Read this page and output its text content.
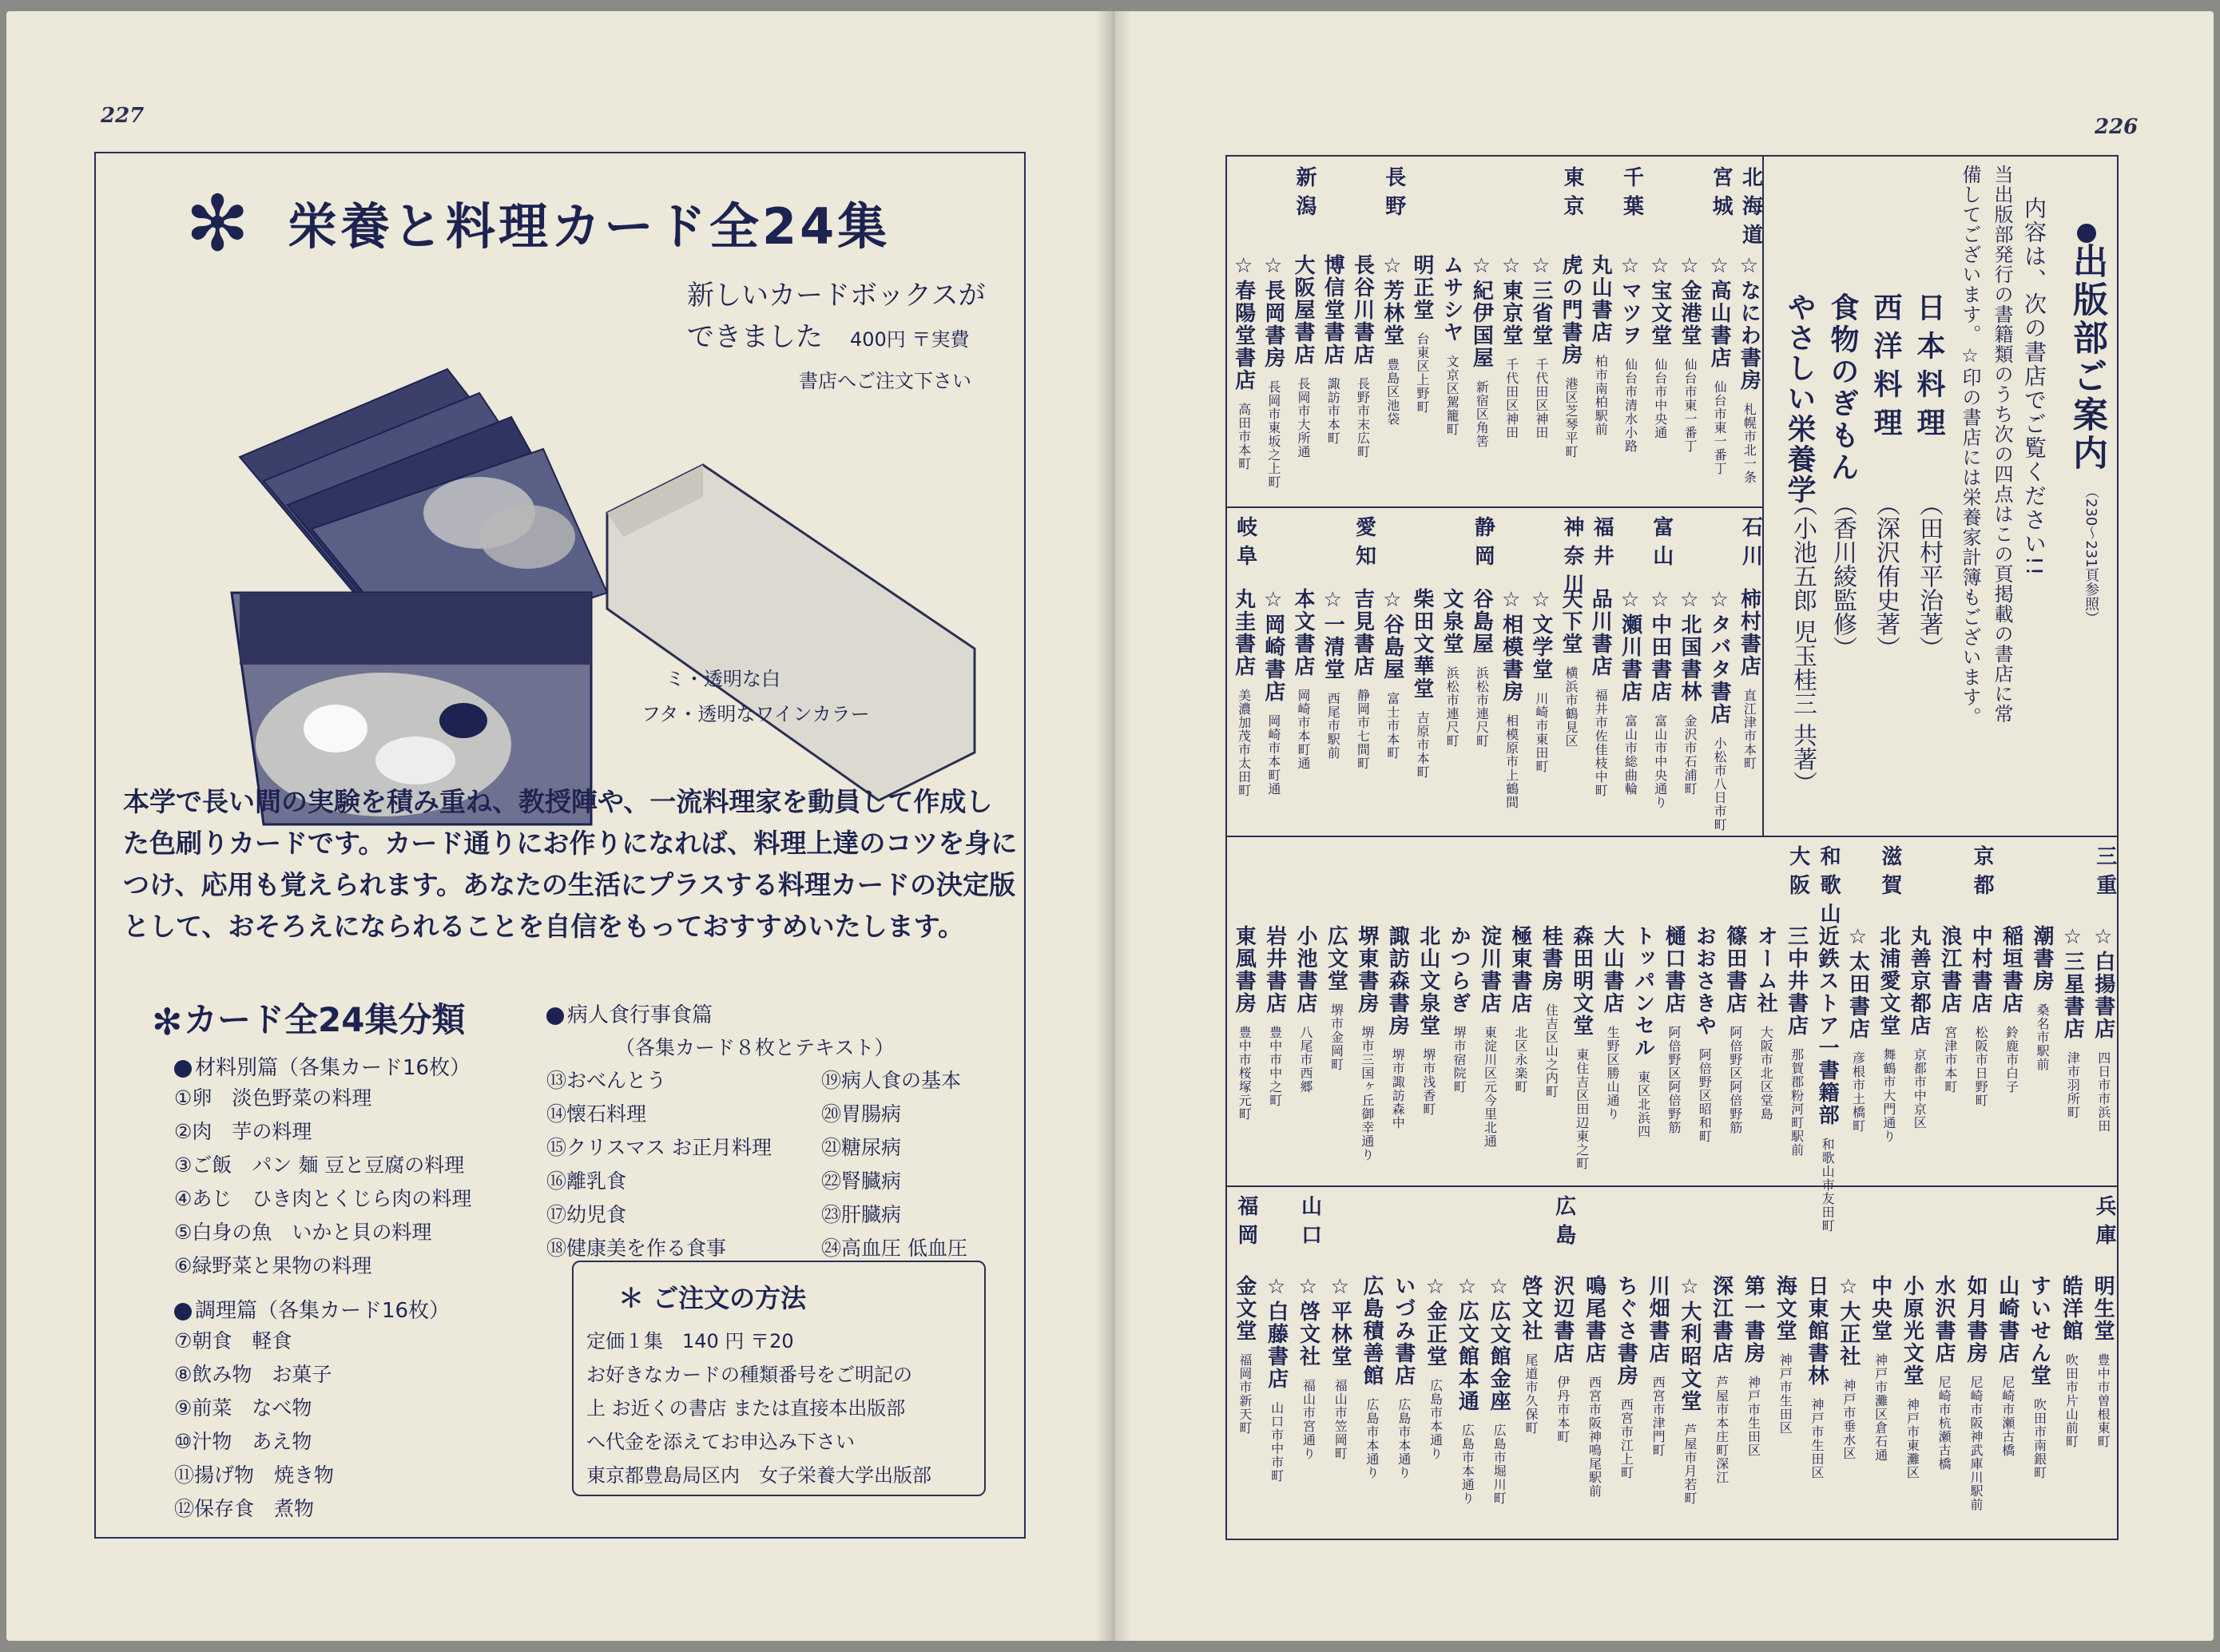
227
✻ 栄養と料理カード全24集
新しいカードボックスが
できました　 400円 〒実費
書店へご注文下さい
ミ・透明な白
フタ・透明なワインカラー
本学で長い間の実験を積み重ね、教授陣や、一流料理家を動員して作成した色刷りカードです。カード通りにお作りになれば、料理上達のコツを身につけ、応用も覚えられます。あなたの生活にプラスする料理カードの決定版として、おそろえになられることを自信をもっておすすめいたします。
✻ カード全24集分類
材料別篇（各集カード16枚）
①卵　淡色野菜の料理
②肉　芋の料理
③ご飯　パン 麺 豆と豆腐の料理
④あじ　ひき肉とくじら肉の料理
⑤白身の魚　いかと貝の料理
⑥緑野菜と果物の料理
調理篇（各集カード16枚）
⑦朝食　軽食
⑧飲み物　お菓子
⑨前菜　なべ物
⑩汁物　あえ物
⑪揚げ物　焼き物
⑫保存食　煮物
病人食行事食篇
（各集カード８枚とテキスト）
⑬おべんとう
⑭懐石料理
⑮クリスマス お正月料理
⑯離乳食
⑰幼児食
⑱健康美を作る食事
⑲病人食の基本
⑳胃腸病
㉑糖尿病
㉒腎臓病
㉓肝臓病
㉔高血圧 低血圧
＊ ご注文の方法
定価１集　140 円 〒20
お好きなカードの種類番号をご明記の
上 お近くの書店 または直接本出版部
へ代金を添えてお申込み下さい
東京都豊島局区内　女子栄養大学出版部
226
出版部ご案内
（230〜231頁参照）
内容は、次の書店でご覧ください!!
当出版部発行の書籍類のうち次の四点はこの頁掲載の書店に常
備してございます。☆印の書店には栄養家計簿もございます。
日本料理
（田村平治著）
西洋料理
（深沢侑史著）
食物のぎもん
（香川綾監修）
やさしい栄養学
（小池五郎 児玉桂三 共著）
北海道
☆なにわ書房札幌市北一条
宮城
☆高山書店仙台市東一番丁
☆金港堂仙台市東一番丁
☆宝文堂仙台市中央通
千葉
☆マツヲ仙台市清水小路
丸山書店柏市南柏駅前
東京
虎の門書房港区芝琴平町
☆三省堂千代田区神田
☆東京堂千代田区神田
☆紀伊国屋新宿区角筈
ムサシヤ文京区駕籠町
明正堂台東区上野町
長野
☆芳林堂豊島区池袋
長谷川書店長野市末広町
博信堂書店諏訪市本町
新潟
大阪屋書店長岡市大所通
☆長岡書房長岡市東坂之上町
☆春陽堂書店高田市本町
石川
柿村書店直江津市本町
☆タバタ書店小松市八日市町
☆北国書林金沢市石浦町
富山
☆中田書店富山市中央通り
☆瀬川書店富山市総曲輪
福井
品川書店福井市佐佳枝中町
神奈川
天下堂横浜市鶴見区
☆文学堂川崎市東田町
☆相模書房相模原市上鶴間
静岡
谷島屋浜松市連尺町
文泉堂浜松市連尺町
柴田文華堂吉原市本町
☆谷島屋富士市本町
愛知
吉見書店静岡市七間町
☆一清堂西尾市駅前
本文書店岡崎市本町通
☆岡崎書店岡崎市本町通
岐阜
丸圭書店美濃加茂市太田町
三重
☆白揚書店四日市市浜田
☆三星書店津市羽所町
潮書房桑名市駅前
稲垣書店鈴鹿市白子
京都
中村書店松阪市日野町
浪江書店宮津市本町
丸善京都店京都市中京区
滋賀
北浦愛文堂舞鶴市大門通り
☆太田書店彦根市土橋町
和歌山
近鉄ストア一書籍部和歌山市友田町
大阪
三中井書店那賀郡粉河町駅前
オーム社大阪市北区堂島
篠田書店阿倍野区阿倍野筋
おおさきや阿倍野区昭和町
樋口書店阿倍野区阿倍野筋
トッパンセル東区北浜四
大山書店生野区勝山通り
森田明文堂東住吉区田辺東之町
桂書房住吉区山之内町
極東書店北区永楽町
淀川書店東淀川区元今里北通
かつらぎ堺市宿院町
北山文泉堂堺市浅香町
諏訪森書房堺市諏訪森中
堺東書房堺市三国ヶ丘御幸通り
広文堂堺市金岡町
小池書店八尾市西郷
岩井書店豊中市中之町
東風書房豊中市桜塚元町
兵庫
明生堂豊中市曽根東町
皓洋館吹田市片山前町
すいせん堂吹田市南銀町
山崎書店尼崎市瀬古橋
如月書房尼崎市阪神武庫川駅前
水沢書店尼崎市杭瀬古橋
小原光文堂神戸市東灘区
中央堂神戸市灘区倉石通
☆大正社神戸市垂水区
日東館書林神戸市生田区
海文堂神戸市生田区
第一書房神戸市生田区
深江書店芦屋市本庄町深江
☆大利昭文堂芦屋市月若町
川畑書店西宮市津門町
ちぐさ書房西宮市江上町
鳴尾書店西宮市阪神鳴尾駅前
広島
沢辺書店伊丹市本町
啓文社尾道市久保町
☆広文館金座広島市堀川町
☆広文館本通広島市本通り
☆金正堂広島市本通り
いづみ書店広島市本通り
広島積善館広島市本通り
☆平林堂福山市笠岡町
山口
☆啓文社福山市宮通り
☆白藤書店山口市中市町
福岡
金文堂福岡市新天町
